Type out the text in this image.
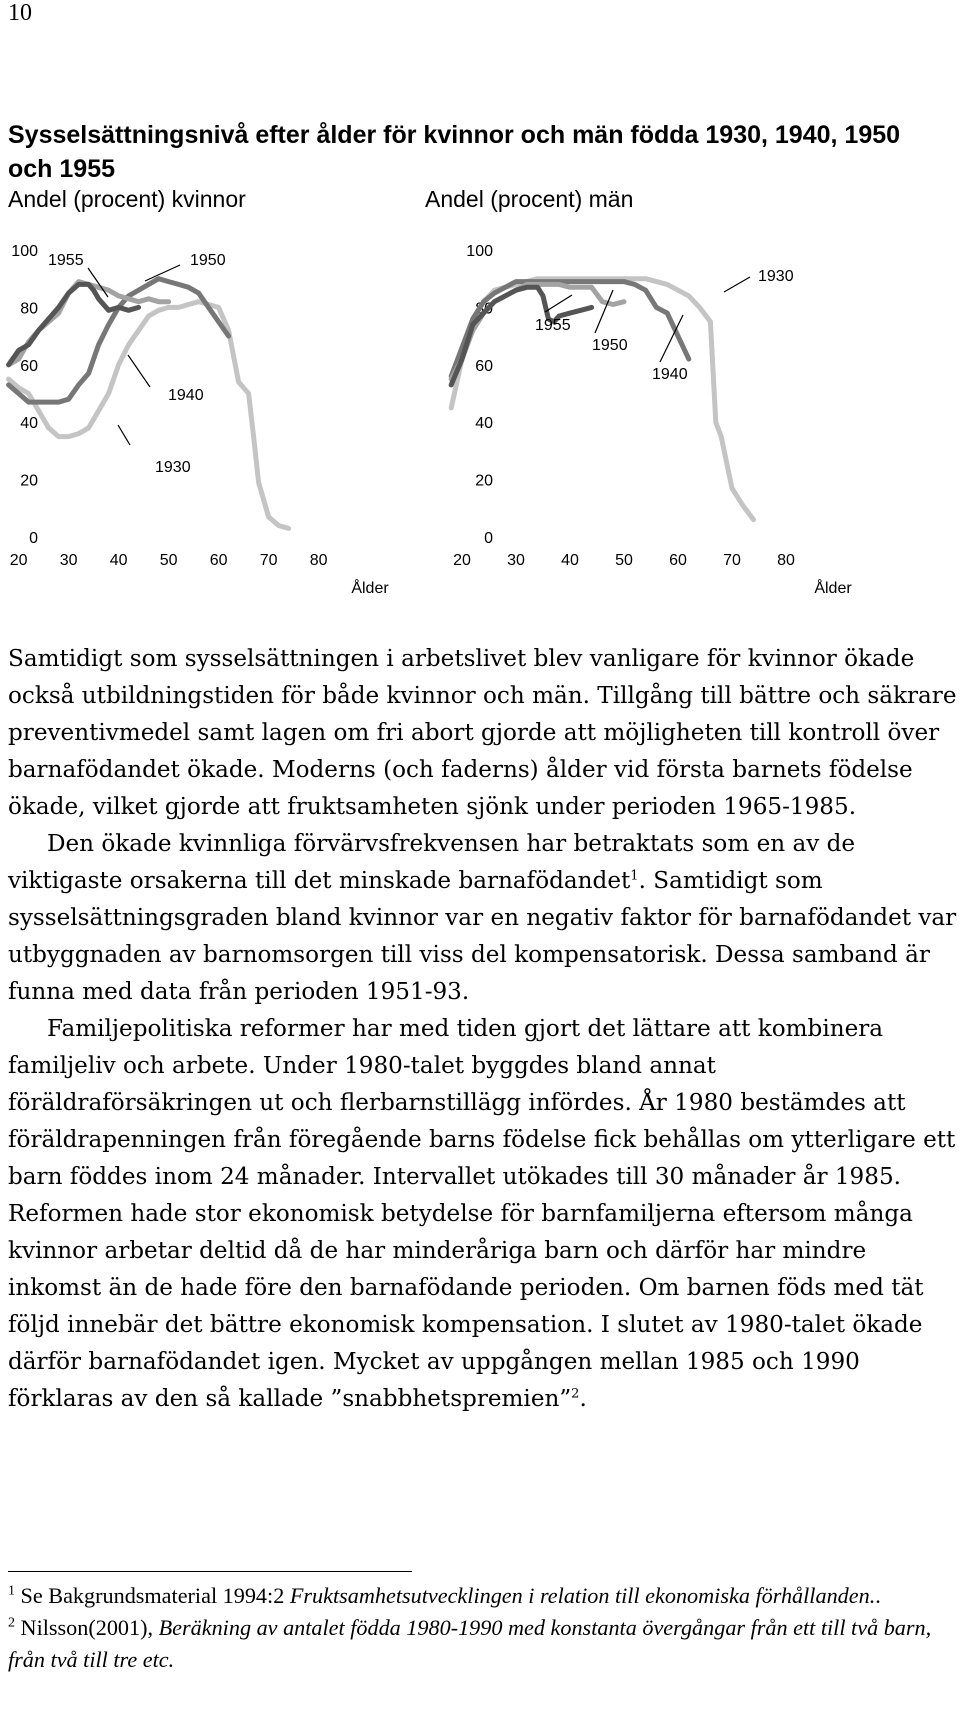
10
Sysselsättningsnivå efter ålder för kvinnor och män födda 1930, 1940, 1950 och 1955
Andel (procent) kvinnor	Andel (procent) män
0
20
40
60
80
100
20 30 40 50 60 70 80
Ålder
1955	1950
1940
1930
0
20
40
60
80
100
20 30 40 50 60 70 80
Ålder
1930
1955
1950
1940

Samtidigt som sysselsättningen i arbetslivet blev vanligare för kvinnor ökade också utbildningstiden för både kvinnor och män. Tillgång till bättre och säkrare preventivmedel samt lagen om fri abort gjorde att möjligheten till kontroll över barnafödandet ökade. Moderns (och faderns) ålder vid första barnets födelse ökade, vilket gjorde att fruktsamheten sjönk under perioden 1965-1985.

Den ökade kvinnliga förvärvsfrekvensen har betraktats som en av de viktigaste orsakerna till det minskade barnafödandet$^1$. Samtidigt som sysselsättningsgraden bland kvinnor var en negativ faktor för barnafödandet var utbyggnaden av barnomsorgen till viss del kompensatorisk. Dessa samband är funna med data från perioden 1951-93.

Familjepolitiska reformer har med tiden gjort det lättare att kombinera familjeliv och arbete. Under 1980-talet byggdes bland annat föräldraförsäkringen ut och flerbarnstillägg infördes. År 1980 bestämdes att föräldrapenningen från föregående barns födelse fick behållas om ytterligare ett barn föddes inom 24 månader. Intervallet utökades till 30 månader år 1985. Reformen hade stor ekonomisk betydelse för barnfamiljerna eftersom många kvinnor arbetar deltid då de har minderåriga barn och därför har mindre inkomst än de hade före den barnafödande perioden. Om barnen föds med tät följd innebär det bättre ekonomisk kompensation. I slutet av 1980-talet ökade därför barnafödandet igen. Mycket av uppgången mellan 1985 och 1990 förklaras av den så kallade ”snabbhetspremien”$^2$.

$^1$ Se Bakgrundsmaterial 1994:2 Fruktsamhetsutvecklingen i relation till ekonomiska förhållanden..

$^2$ Nilsson(2001), Beräkning av antalet födda 1980-1990 med konstanta övergångar från ett till två barn, från två till tre etc.
